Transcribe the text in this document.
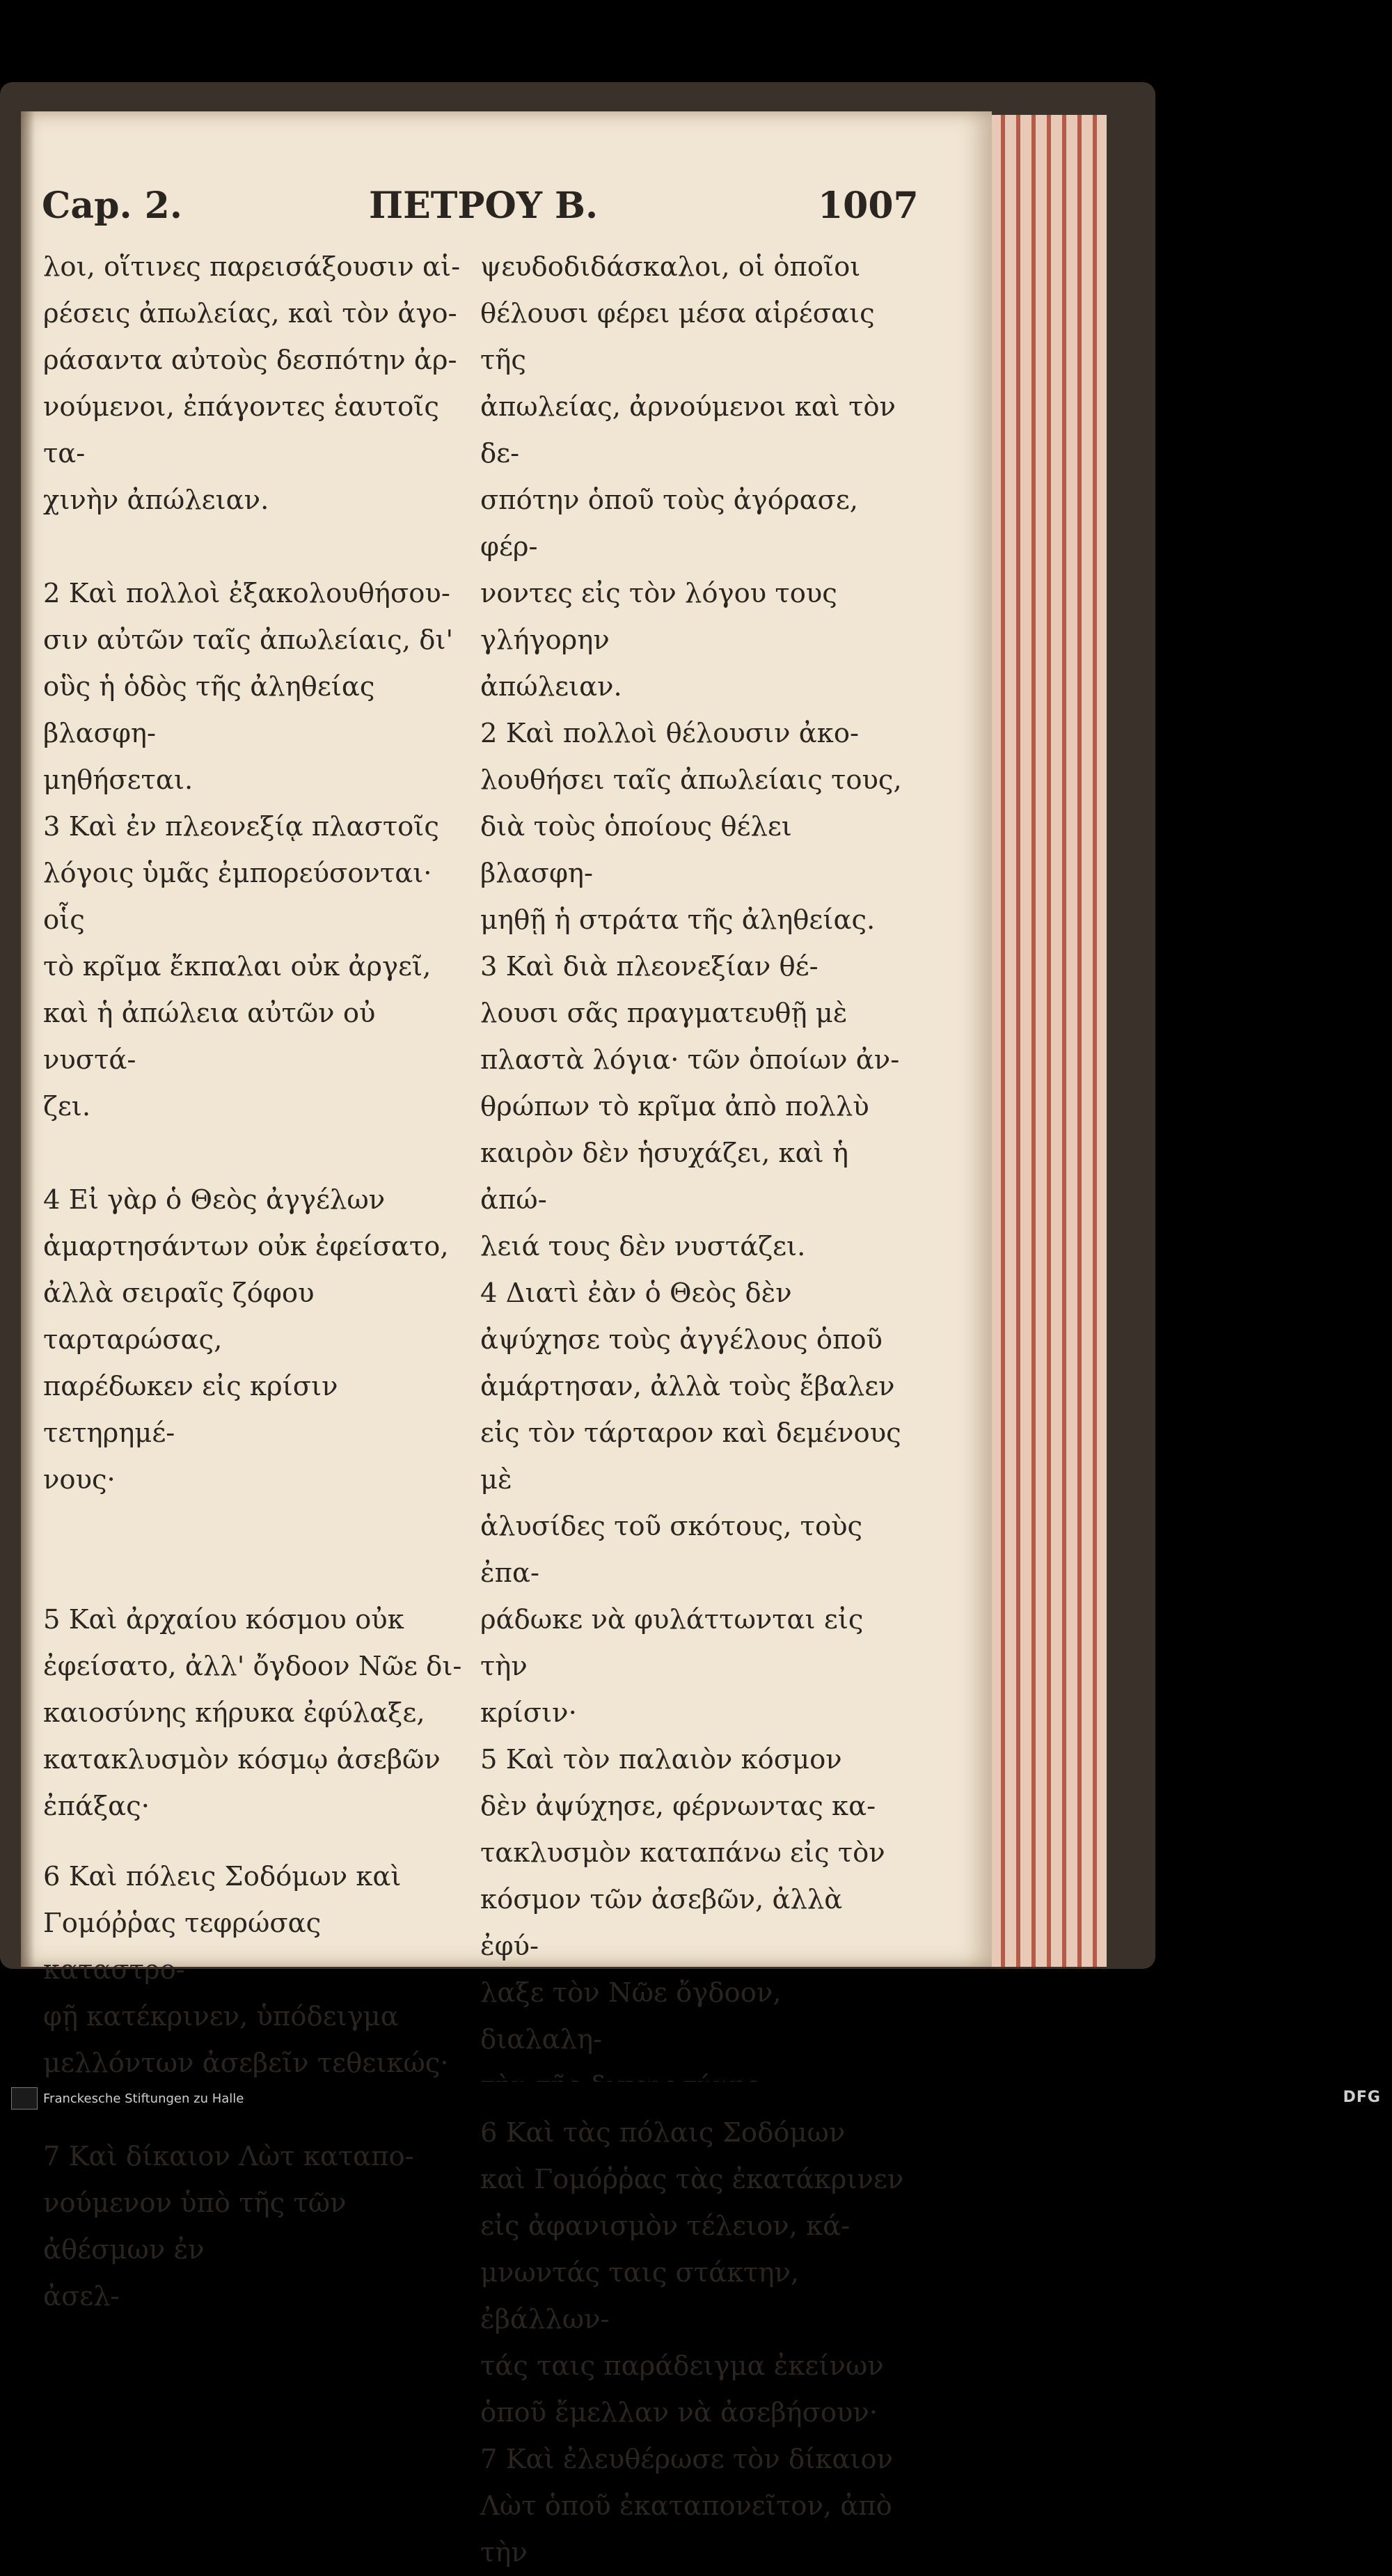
Cap. 2.	ΠΕΤΡΟΥ Β.	1007

λοι, οἵτινες παρεισάξουσιν αἱ-
ρέσεις ἀπωλείας, καὶ τὸν ἀγο-
ράσαντα αὐτοὺς δεσπότην ἀρ-
νούμενοι, ἐπάγοντες ἑαυτοῖς τα-
χινὴν ἀπώλειαν.

2 Καὶ πολλοὶ ἐξακολουθήσου-
σιν αὐτῶν ταῖς ἀπωλείαις, δι'
οὓς ἡ ὁδὸς τῆς ἀληθείας βλασφη-
μηθήσεται.

3 Καὶ ἐν πλεονεξίᾳ πλαστοῖς
λόγοις ὑμᾶς ἐμπορεύσονται· οἷς
τὸ κρῖμα ἔκπαλαι οὐκ ἀργεῖ,
καὶ ἡ ἀπώλεια αὐτῶν οὐ νυστά-
ζει.

4 Εἰ γὰρ ὁ Θεὸς ἀγγέλων
ἁμαρτησάντων οὐκ ἐφείσατο,
ἀλλὰ σειραῖς ζόφου ταρταρώσας,
παρέδωκεν εἰς κρίσιν τετηρημέ-
νους·

5 Καὶ ἀρχαίου κόσμου οὐκ
ἐφείσατο, ἀλλ' ὄγδοον Νῶε δι-
καιοσύνης κήρυκα ἐφύλαξε,
κατακλυσμὸν κόσμῳ ἀσεβῶν
ἐπάξας·

6 Καὶ πόλεις Σοδόμων καὶ
Γομόῤῥας τεφρώσας καταστρο-
φῇ κατέκρινεν, ὑπόδειγμα
μελλόντων ἀσεβεῖν τεθεικώς·

7 Καὶ δίκαιον Λὼτ καταπο-
νούμενον ὑπὸ τῆς τῶν ἀθέσμων ἐν
ἀσελ-

ψευδοδιδάσκαλοι, οἱ ὁποῖοι
θέλουσι φέρει μέσα αἱρέσαις τῆς
ἀπωλείας, ἀρνούμενοι καὶ τὸν δε-
σπότην ὁποῦ τοὺς ἀγόρασε, φέρ-
νοντες εἰς τὸν λόγου τους γλήγορην
ἀπώλειαν.

2 Καὶ πολλοὶ θέλουσιν ἀκο-
λουθήσει ταῖς ἀπωλείαις τους,
διὰ τοὺς ὁποίους θέλει βλασφη-
μηθῇ ἡ στράτα τῆς ἀληθείας.

3 Καὶ διὰ πλεονεξίαν θέ-
λουσι σᾶς πραγματευθῇ μὲ
πλαστὰ λόγια· τῶν ὁποίων ἀν-
θρώπων τὸ κρῖμα ἀπὸ πολλὺ
καιρὸν δὲν ἡσυχάζει, καὶ ἡ ἀπώ-
λειά τους δὲν νυστάζει.

4 Διατὶ ἐὰν ὁ Θεὸς δὲν
ἀψύχησε τοὺς ἀγγέλους ὁποῦ
ἁμάρτησαν, ἀλλὰ τοὺς ἔβαλεν
εἰς τὸν τάρταρον καὶ δεμένους μὲ
ἁλυσίδες τοῦ σκότους, τοὺς ἐπα-
ράδωκε νὰ φυλάττωνται εἰς τὴν
κρίσιν·

5 Καὶ τὸν παλαιὸν κόσμον
δὲν ἀψύχησε, φέρνωντας κα-
τακλυσμὸν καταπάνω εἰς τὸν
κόσμον τῶν ἀσεβῶν, ἀλλὰ ἐφύ-
λαξε τὸν Νῶε ὄγδοον, διαλαλη-

6 Καὶ τὰς πόλαις Σοδόμων
καὶ Γομόῤῥας τὰς ἐκατάκρινεν
εἰς ἀφανισμὸν τέλειον, κά-
μνωντάς ταις στάκτην, ἐβάλλων-
τάς ταις παράδειγμα ἐκείνων
ὁποῦ ἔμελλαν νὰ ἀσεβήσουν·

7 Καὶ ἐλευθέρωσε τὸν δίκαιον
Λὼτ ὁποῦ ἐκαταπονεῖτον, ἀπὸ
τὴν

Franckesche Stiftungen zu Halle	DFG
